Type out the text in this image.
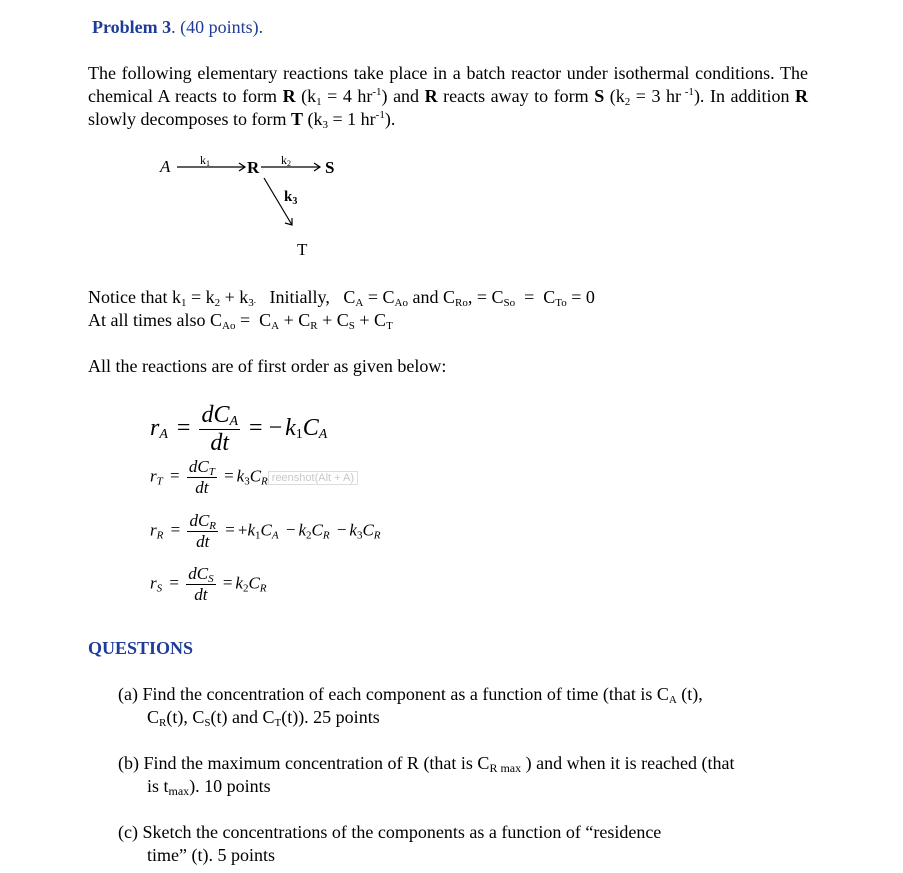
Problem 3. (40 points).
The following elementary reactions take place in a batch reactor under isothermal conditions. The chemical A reacts to form R ($k_1 = 4$ $hr^{-1}$) and R reacts away to form S ($k_2 = 3$ hr $^{-1}$). In addition R slowly decomposes to form T ($k_3 = 1$ $hr^{-1}$).
A k1 R k2 S
$k_3$
T
Notice that $k_1 = k_2 + k_3$. Initially,   $C_A = C_{Ao}$ and $C_{Ro}$, = $C_{So} = C_{To} = 0$
At all times also $C_{Ao} = C_A + C_R + C_S + C_T$
All the reactions are of first order as given below:
$r_A = \frac{dC_A}{dt}$ = − $k_1C_A$
$r_T = \frac{dC_T}{dt} = k_3C_R$ reenshot(Alt + A)
$r_R = \frac{dC_R}{dt} = +k_1C_A - k_2C_R - k_3C_R$
$r_S = \frac{dC_S}{dt} = k_2C_R$
QUESTIONS
(a) Find the concentration of each component as a function of time (that is $C_A$ (t),
$C_R(t)$, $C_S(t)$ and $C_T(t)$). 25 points
(b) Find the maximum concentration of R (that is $C_{R max}$ ) and when it is reached (that
is $t_{max}$). 10 points
(c) Sketch the concentrations of the components as a function of “residence
time” (t). 5 points
